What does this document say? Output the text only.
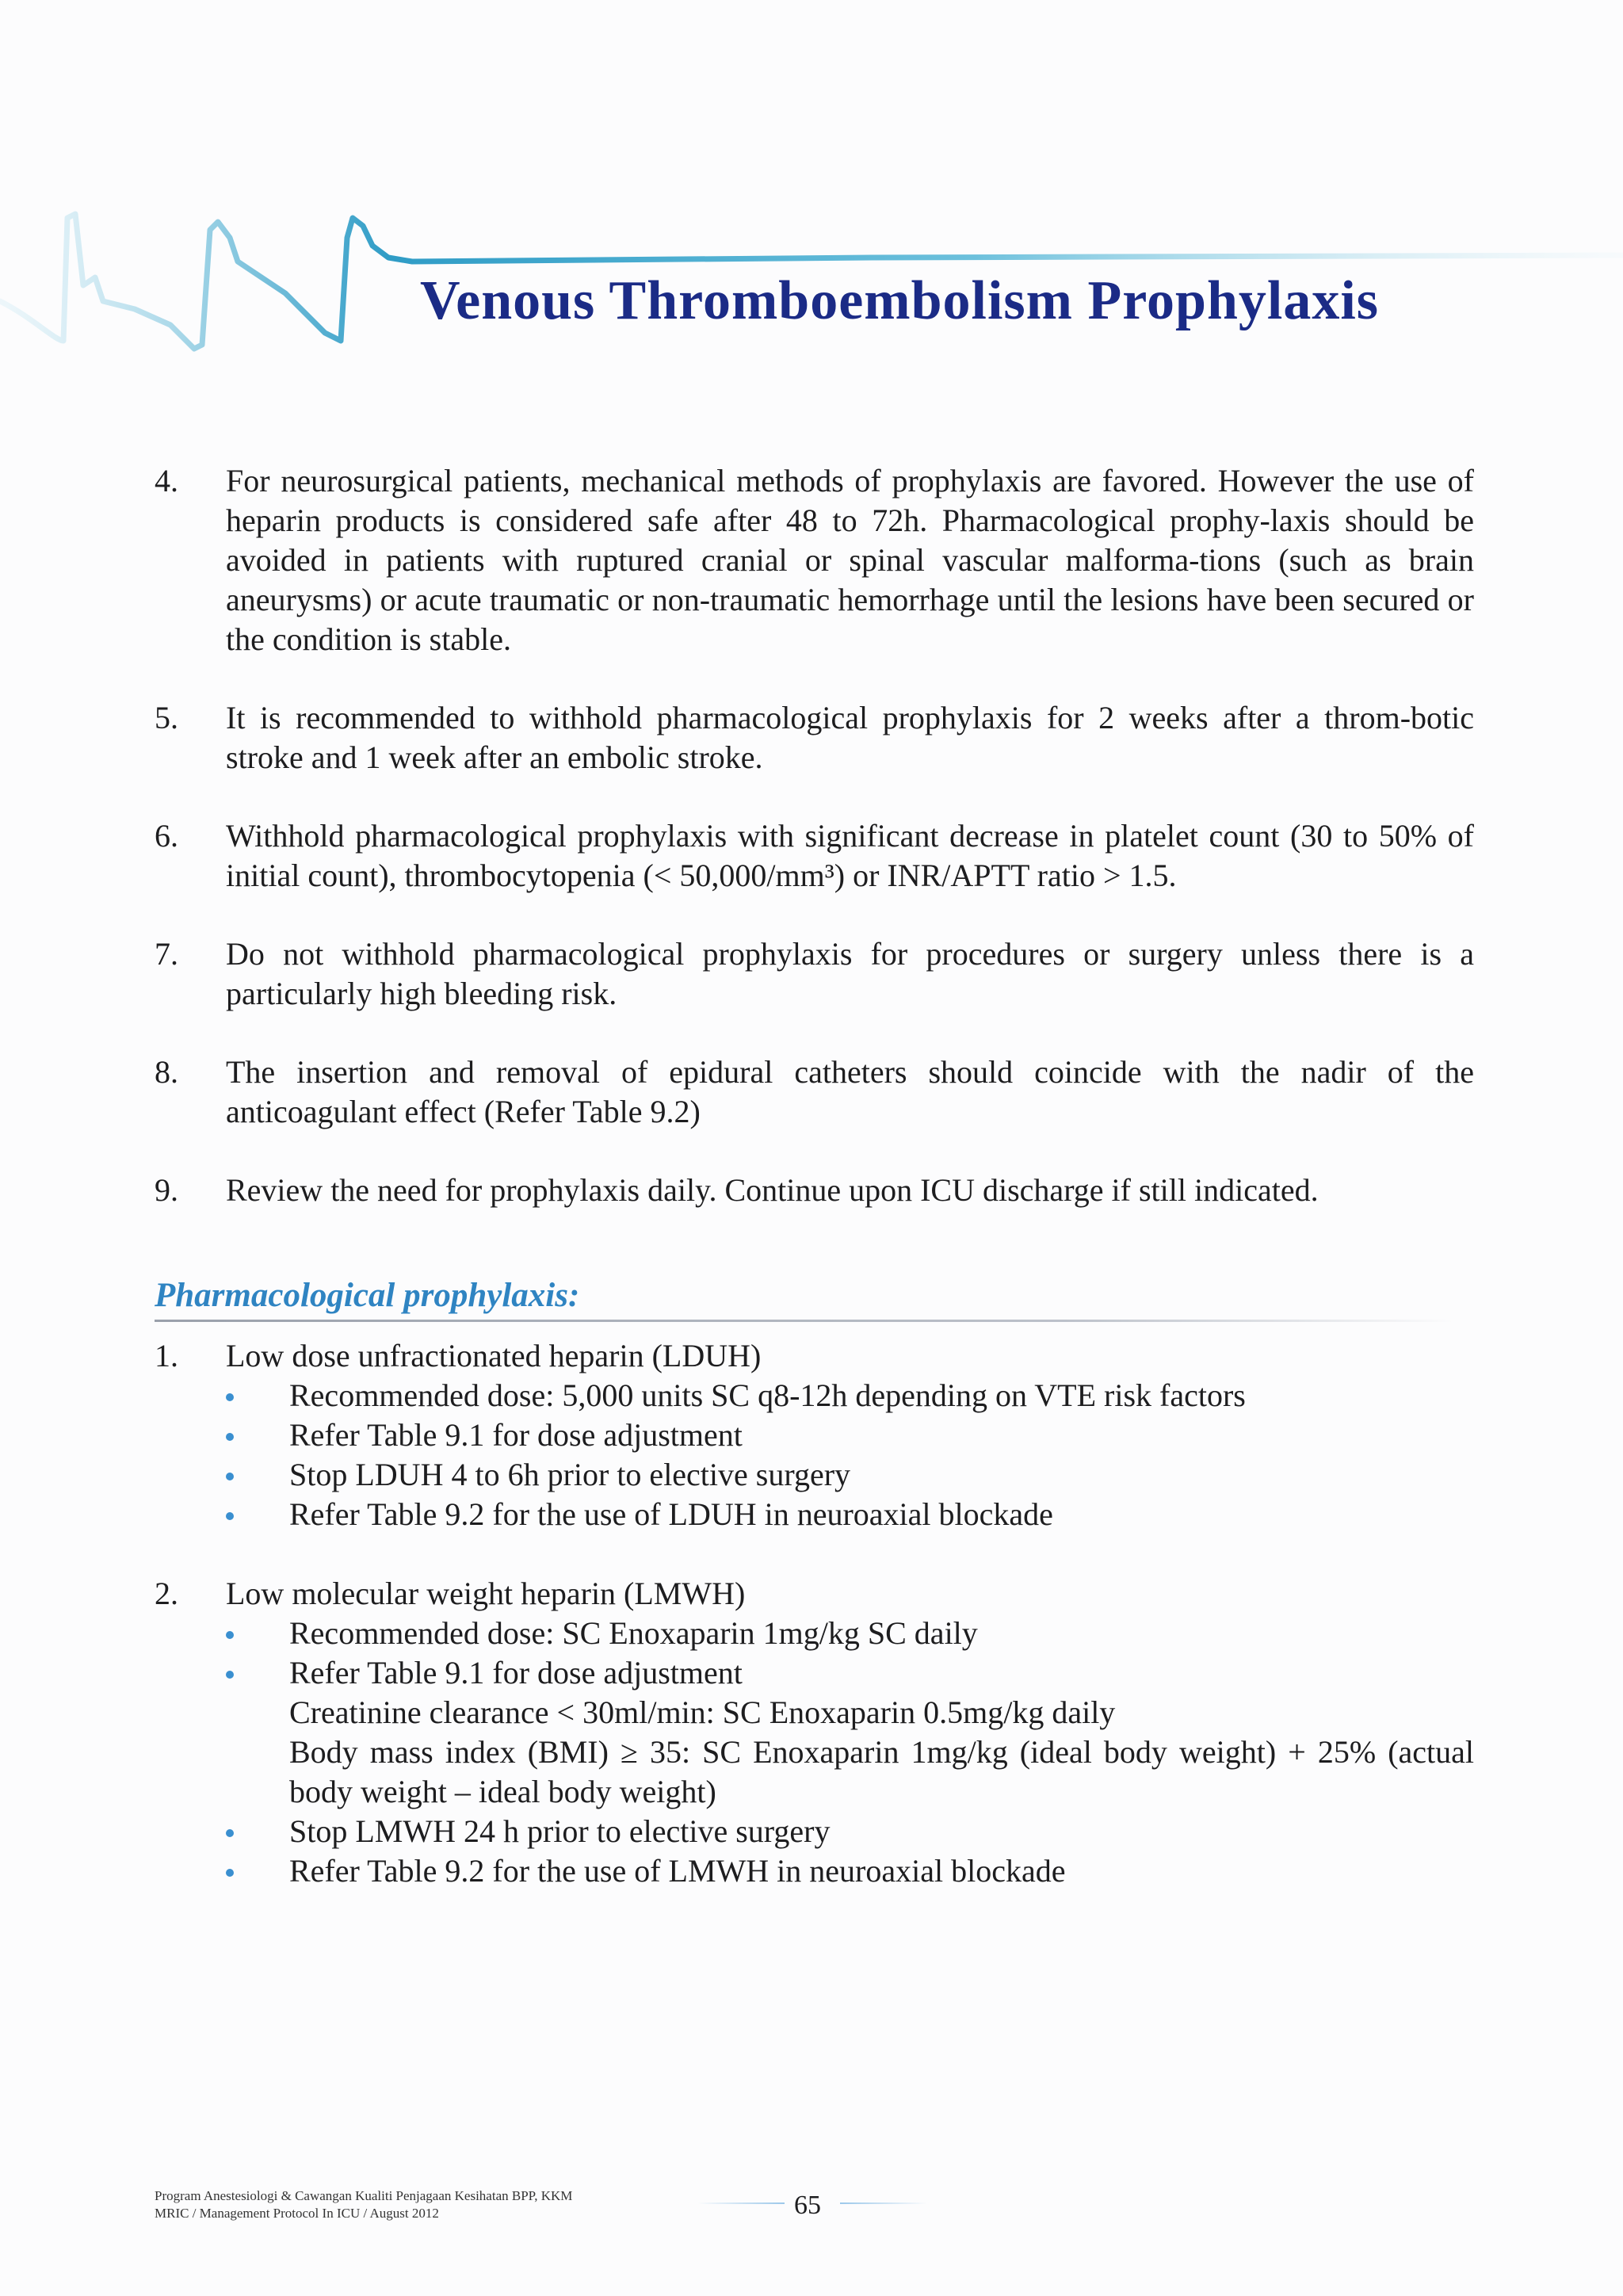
Venous Thromboembolism Prophylaxis
4. For neurosurgical patients, mechanical methods of prophylaxis are favored. However the use of heparin products is considered safe after 48 to 72h. Pharmacological prophy-laxis should be avoided in patients with ruptured cranial or spinal vascular malforma-tions (such as brain aneurysms) or acute traumatic or non-traumatic hemorrhage until the lesions have been secured or the condition is stable.
5. It is recommended to withhold pharmacological prophylaxis for 2 weeks after a throm-botic stroke and 1 week after an embolic stroke.
6. Withhold pharmacological prophylaxis with significant decrease in platelet count (30 to 50% of initial count), thrombocytopenia (< 50,000/mm³) or INR/APTT ratio > 1.5.
7. Do not withhold pharmacological prophylaxis for procedures or surgery unless there is a particularly high bleeding risk.
8. The insertion and removal of epidural catheters should coincide with the nadir of the anticoagulant effect (Refer Table 9.2)
9. Review the need for prophylaxis daily. Continue upon ICU discharge if still indicated.
Pharmacological prophylaxis:
1. Low dose unfractionated heparin (LDUH)
Recommended dose: 5,000 units SC q8-12h depending on VTE risk factors
Refer Table 9.1 for dose adjustment
Stop LDUH 4 to 6h prior to elective surgery
Refer Table 9.2 for the use of LDUH in neuroaxial blockade
2. Low molecular weight heparin (LMWH)
Recommended dose: SC Enoxaparin 1mg/kg SC daily
Refer Table 9.1 for dose adjustment
Creatinine clearance < 30ml/min: SC Enoxaparin 0.5mg/kg daily
Body mass index (BMI) ≥ 35: SC Enoxaparin 1mg/kg (ideal body weight) + 25% (actual body weight – ideal body weight)
Stop LMWH 24 h prior to elective surgery
Refer Table 9.2 for the use of LMWH in neuroaxial blockade
Program Anestesiologi & Cawangan Kualiti Penjagaan Kesihatan BPP, KKM
MRIC / Management Protocol In ICU / August 2012	65
